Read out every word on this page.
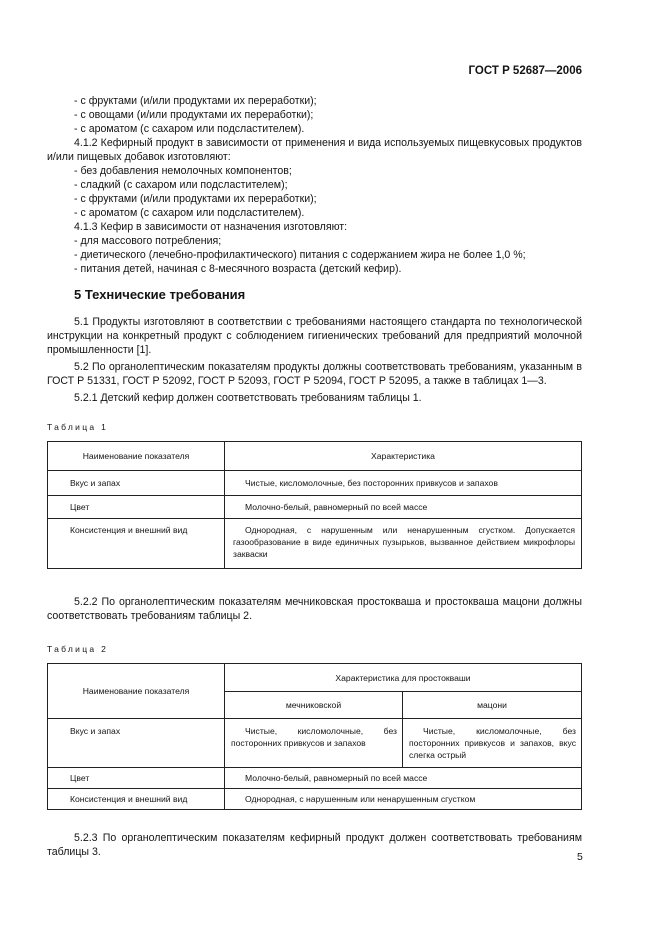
ГОСТ Р 52687—2006

- с фруктами (и/или продуктами их переработки);

- с овощами (и/или продуктами их переработки);

- с ароматом (с сахаром или подсластителем).

4.1.2 Кефирный продукт в зависимости от применения и вида используемых пищевкусовых продуктов и/или пищевых добавок изготовляют:

- без добавления немолочных компонентов;

- сладкий (с сахаром или подсластителем);

- с фруктами (и/или продуктами их переработки);

- с ароматом (с сахаром или подсластителем).

4.1.3 Кефир в зависимости от назначения изготовляют:

- для массового потребления;

- диетического (лечебно-профилактического) питания с содержанием жира не более 1,0 %;

- питания детей, начиная с 8-месячного возраста (детский кефир).

5 Технические требования

5.1 Продукты изготовляют в соответствии с требованиями настоящего стандарта по технологической инструкции на конкретный продукт с соблюдением гигиенических требований для предприятий молочной промышленности [1].

5.2 По органолептическим показателям продукты должны соответствовать требованиям, указанным в ГОСТ Р 51331, ГОСТ Р 52092, ГОСТ Р 52093, ГОСТ Р 52094, ГОСТ Р 52095, а также в таблицах 1—3.

5.2.1 Детский кефир должен соответствовать требованиям таблицы 1.

Таблица 1
Наименование показателя	Характеристика
Вкус и запах	Чистые, кисломолочные, без посторонних привкусов и запахов
Цвет	Молочно-белый, равномерный по всей массе
Консистенция и внешний вид	Однородная, с нарушенным или ненарушенным сгустком. Допускается газообразование в виде единичных пузырьков, вызванное действием микрофлоры закваски

5.2.2 По органолептическим показателям мечниковская простокваша и простокваша мацони должны соответствовать требованиям таблицы 2.

Таблица 2
Наименование показателя	Характеристика для простокваши	
	мечниковской	мацони
Вкус и запах	Чистые, кисломолочные, без посторонних привкусов и запахов	Чистые, кисломолочные, без посторонних привкусов и запахов, вкус слегка острый
Цвет	Молочно-белый, равномерный по всей массе	
Консистенция и внешний вид	Однородная, с нарушенным или ненарушенным сгустком	

5.2.3 По органолептическим показателям кефирный продукт должен соответствовать требованиям таблицы 3.	5
